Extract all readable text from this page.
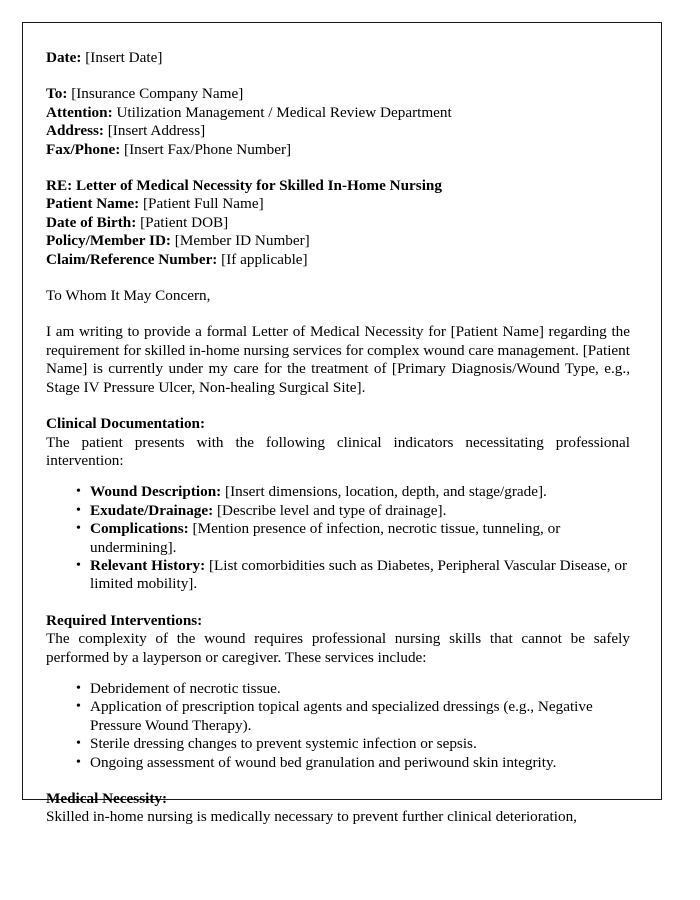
Date: [Insert Date]
To: [Insurance Company Name]
Attention: Utilization Management / Medical Review Department
Address: [Insert Address]
Fax/Phone: [Insert Fax/Phone Number]
RE: Letter of Medical Necessity for Skilled In-Home Nursing
Patient Name: [Patient Full Name]
Date of Birth: [Patient DOB]
Policy/Member ID: [Member ID Number]
Claim/Reference Number: [If applicable]
To Whom It May Concern,
I am writing to provide a formal Letter of Medical Necessity for [Patient Name] regarding the requirement for skilled in-home nursing services for complex wound care management. [Patient Name] is currently under my care for the treatment of [Primary Diagnosis/Wound Type, e.g., Stage IV Pressure Ulcer, Non-healing Surgical Site].
Clinical Documentation:
The patient presents with the following clinical indicators necessitating professional intervention:
• Wound Description: [Insert dimensions, location, depth, and stage/grade].
• Exudate/Drainage: [Describe level and type of drainage].
• Complications: [Mention presence of infection, necrotic tissue, tunneling, or undermining].
• Relevant History: [List comorbidities such as Diabetes, Peripheral Vascular Disease, or limited mobility].
Required Interventions:
The complexity of the wound requires professional nursing skills that cannot be safely performed by a layperson or caregiver. These services include:
• Debridement of necrotic tissue.
• Application of prescription topical agents and specialized dressings (e.g., Negative Pressure Wound Therapy).
• Sterile dressing changes to prevent systemic infection or sepsis.
• Ongoing assessment of wound bed granulation and periwound skin integrity.
Medical Necessity:
Skilled in-home nursing is medically necessary to prevent further clinical deterioration,
